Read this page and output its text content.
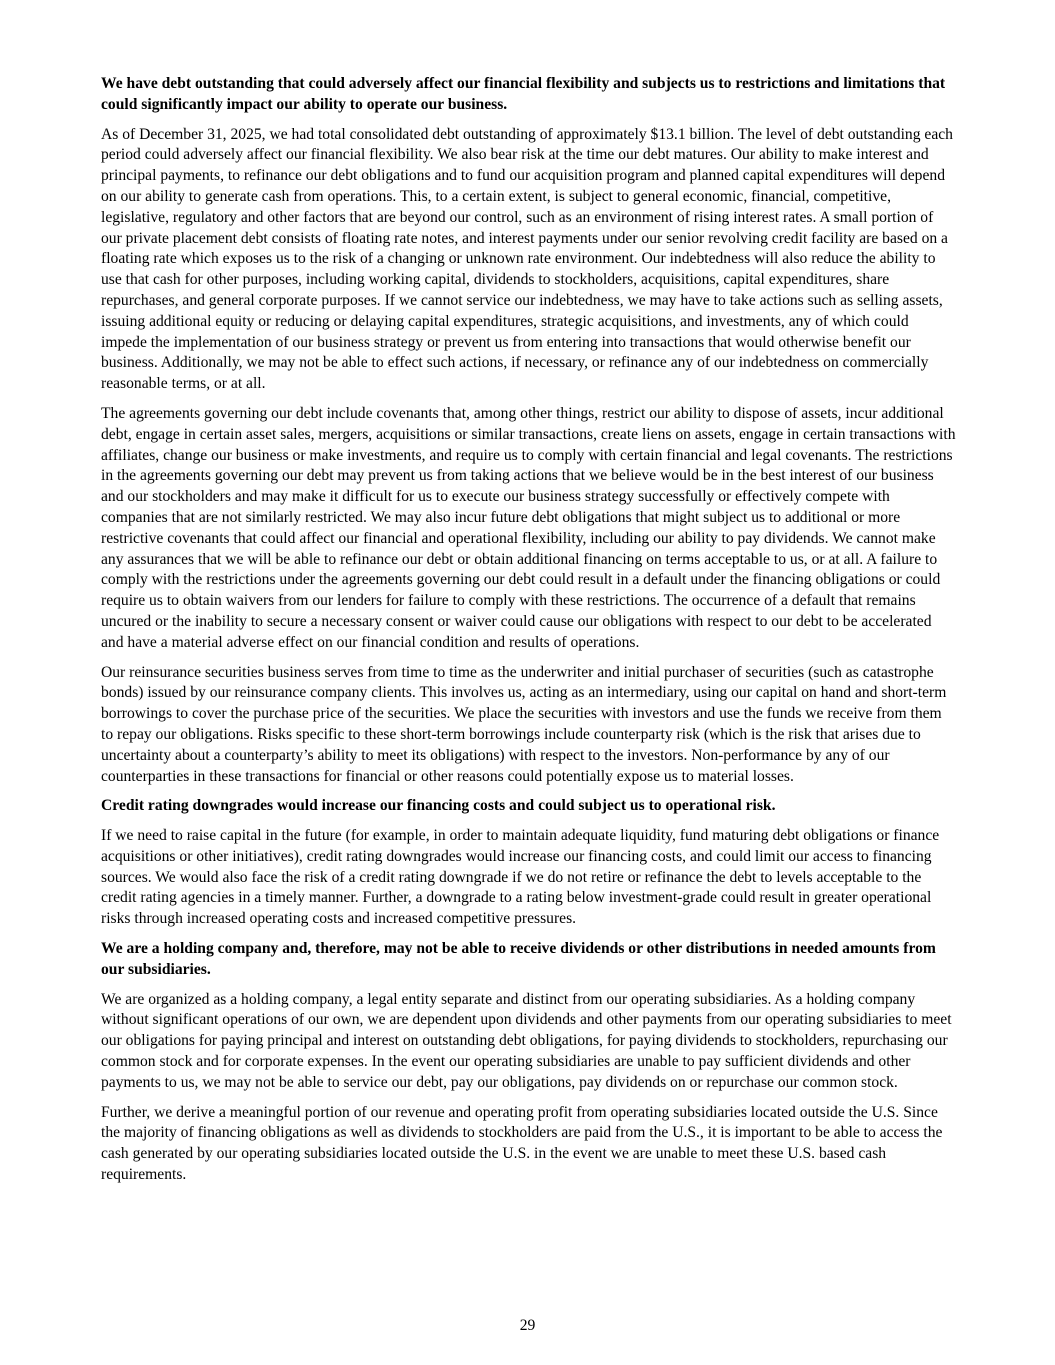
We have debt outstanding that could adversely affect our financial flexibility and subjects us to restrictions and limitations that could significantly impact our ability to operate our business.
As of December 31, 2025, we had total consolidated debt outstanding of approximately $13.1 billion. The level of debt outstanding each period could adversely affect our financial flexibility. We also bear risk at the time our debt matures. Our ability to make interest and principal payments, to refinance our debt obligations and to fund our acquisition program and planned capital expenditures will depend on our ability to generate cash from operations. This, to a certain extent, is subject to general economic, financial, competitive, legislative, regulatory and other factors that are beyond our control, such as an environment of rising interest rates. A small portion of our private placement debt consists of floating rate notes, and interest payments under our senior revolving credit facility are based on a floating rate which exposes us to the risk of a changing or unknown rate environment. Our indebtedness will also reduce the ability to use that cash for other purposes, including working capital, dividends to stockholders, acquisitions, capital expenditures, share repurchases, and general corporate purposes. If we cannot service our indebtedness, we may have to take actions such as selling assets, issuing additional equity or reducing or delaying capital expenditures, strategic acquisitions, and investments, any of which could impede the implementation of our business strategy or prevent us from entering into transactions that would otherwise benefit our business. Additionally, we may not be able to effect such actions, if necessary, or refinance any of our indebtedness on commercially reasonable terms, or at all.
The agreements governing our debt include covenants that, among other things, restrict our ability to dispose of assets, incur additional debt, engage in certain asset sales, mergers, acquisitions or similar transactions, create liens on assets, engage in certain transactions with affiliates, change our business or make investments, and require us to comply with certain financial and legal covenants. The restrictions in the agreements governing our debt may prevent us from taking actions that we believe would be in the best interest of our business and our stockholders and may make it difficult for us to execute our business strategy successfully or effectively compete with companies that are not similarly restricted. We may also incur future debt obligations that might subject us to additional or more restrictive covenants that could affect our financial and operational flexibility, including our ability to pay dividends. We cannot make any assurances that we will be able to refinance our debt or obtain additional financing on terms acceptable to us, or at all. A failure to comply with the restrictions under the agreements governing our debt could result in a default under the financing obligations or could require us to obtain waivers from our lenders for failure to comply with these restrictions. The occurrence of a default that remains uncured or the inability to secure a necessary consent or waiver could cause our obligations with respect to our debt to be accelerated and have a material adverse effect on our financial condition and results of operations.
Our reinsurance securities business serves from time to time as the underwriter and initial purchaser of securities (such as catastrophe bonds) issued by our reinsurance company clients. This involves us, acting as an intermediary, using our capital on hand and short-term borrowings to cover the purchase price of the securities. We place the securities with investors and use the funds we receive from them to repay our obligations. Risks specific to these short-term borrowings include counterparty risk (which is the risk that arises due to uncertainty about a counterparty’s ability to meet its obligations) with respect to the investors. Non-performance by any of our counterparties in these transactions for financial or other reasons could potentially expose us to material losses.
Credit rating downgrades would increase our financing costs and could subject us to operational risk.
If we need to raise capital in the future (for example, in order to maintain adequate liquidity, fund maturing debt obligations or finance acquisitions or other initiatives), credit rating downgrades would increase our financing costs, and could limit our access to financing sources. We would also face the risk of a credit rating downgrade if we do not retire or refinance the debt to levels acceptable to the credit rating agencies in a timely manner. Further, a downgrade to a rating below investment-grade could result in greater operational risks through increased operating costs and increased competitive pressures.
We are a holding company and, therefore, may not be able to receive dividends or other distributions in needed amounts from our subsidiaries.
We are organized as a holding company, a legal entity separate and distinct from our operating subsidiaries. As a holding company without significant operations of our own, we are dependent upon dividends and other payments from our operating subsidiaries to meet our obligations for paying principal and interest on outstanding debt obligations, for paying dividends to stockholders, repurchasing our common stock and for corporate expenses. In the event our operating subsidiaries are unable to pay sufficient dividends and other payments to us, we may not be able to service our debt, pay our obligations, pay dividends on or repurchase our common stock.
Further, we derive a meaningful portion of our revenue and operating profit from operating subsidiaries located outside the U.S. Since the majority of financing obligations as well as dividends to stockholders are paid from the U.S., it is important to be able to access the cash generated by our operating subsidiaries located outside the U.S. in the event we are unable to meet these U.S. based cash requirements.
29
